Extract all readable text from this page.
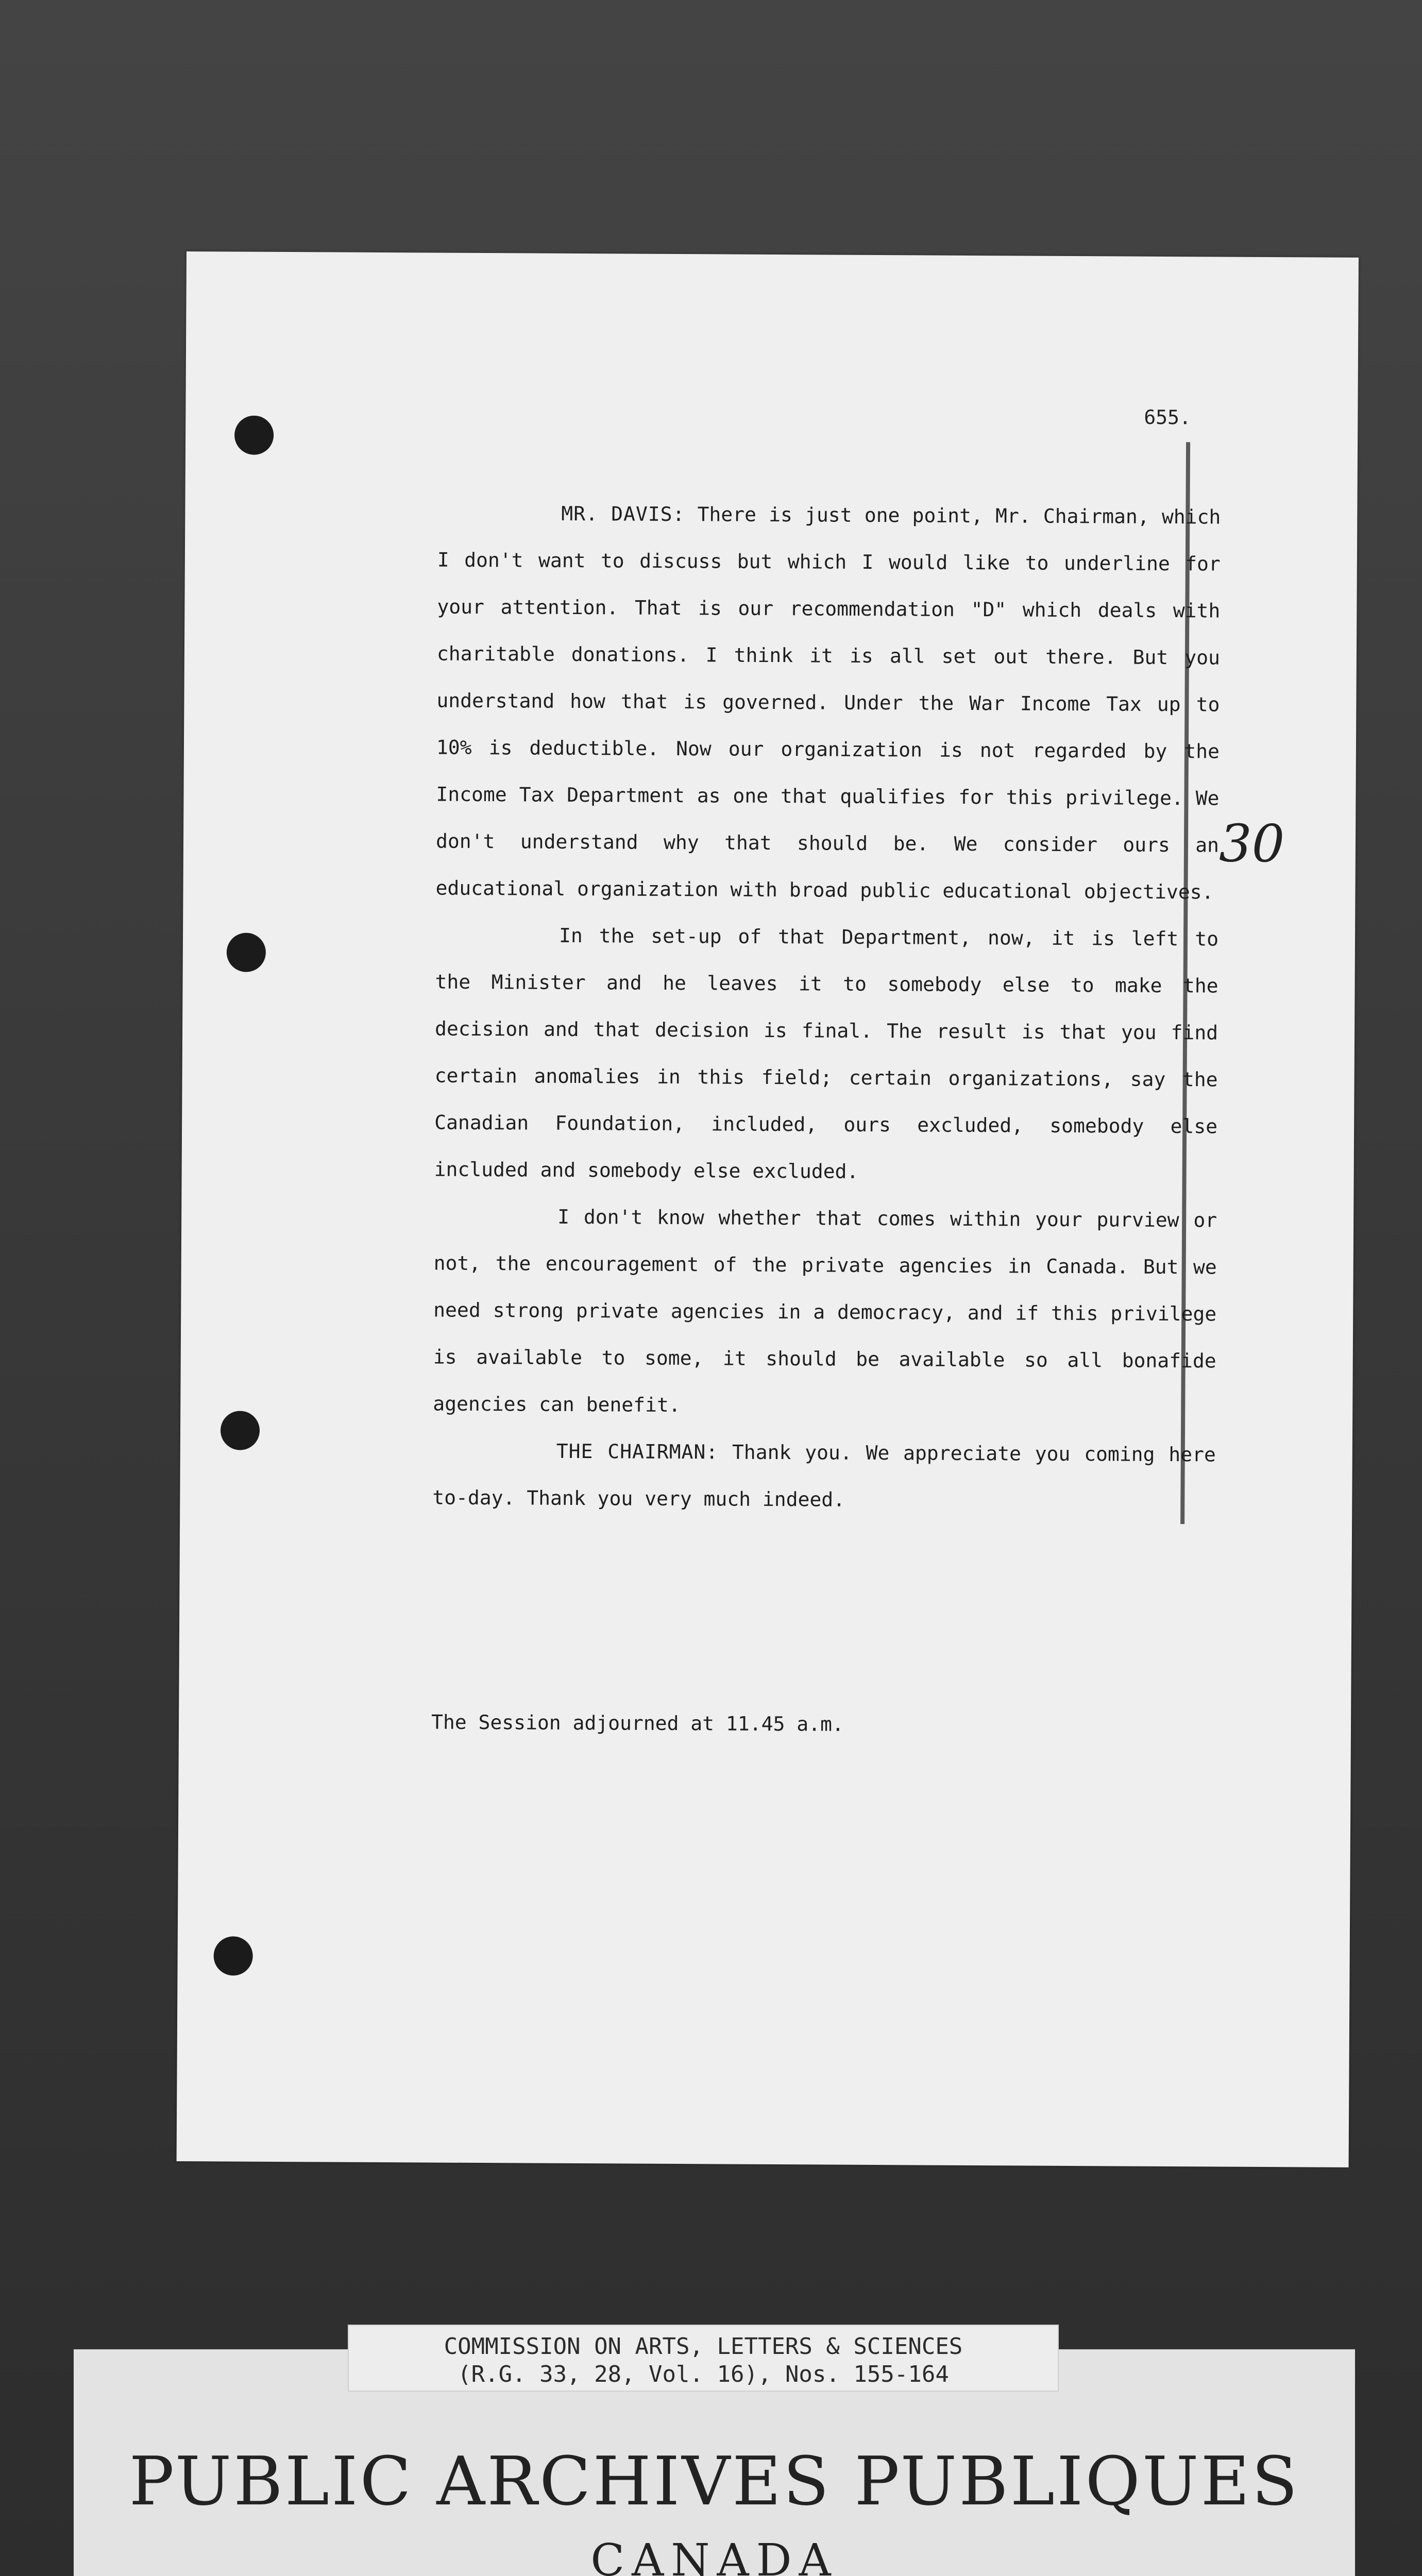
655.
30

MR. DAVIS: There is just one point, Mr. Chairman, which I don't want to discuss but which I would like to underline for your attention. That is our recommendation "D" which deals with charitable donations. I think it is all set out there. But you understand how that is governed. Under the War Income Tax up to 10% is deductible. Now our organization is not regarded by the Income Tax Department as one that qualifies for this privilege. We don't understand why that should be. We consider ours an educational organization with broad public educational objectives.

In the set-up of that Department, now, it is left to the Minister and he leaves it to somebody else to make the decision and that decision is final. The result is that you find certain anomalies in this field; certain organizations, say the Canadian Foundation, included, ours excluded, somebody else included and somebody else excluded.

I don't know whether that comes within your purview or not, the encouragement of the private agencies in Canada. But we need strong private agencies in a democracy, and if this privilege is available to some, it should be available so all bonafide agencies can benefit.

THE CHAIRMAN: Thank you. We appreciate you coming here to-day. Thank you very much indeed.

The Session adjourned at 11.45 a.m.
PUBLIC ARCHIVES PUBLIQUES
CANADA
COMMISSION ON ARTS, LETTERS & SCIENCES
(R.G. 33, 28, Vol. 16), Nos. 155-164
